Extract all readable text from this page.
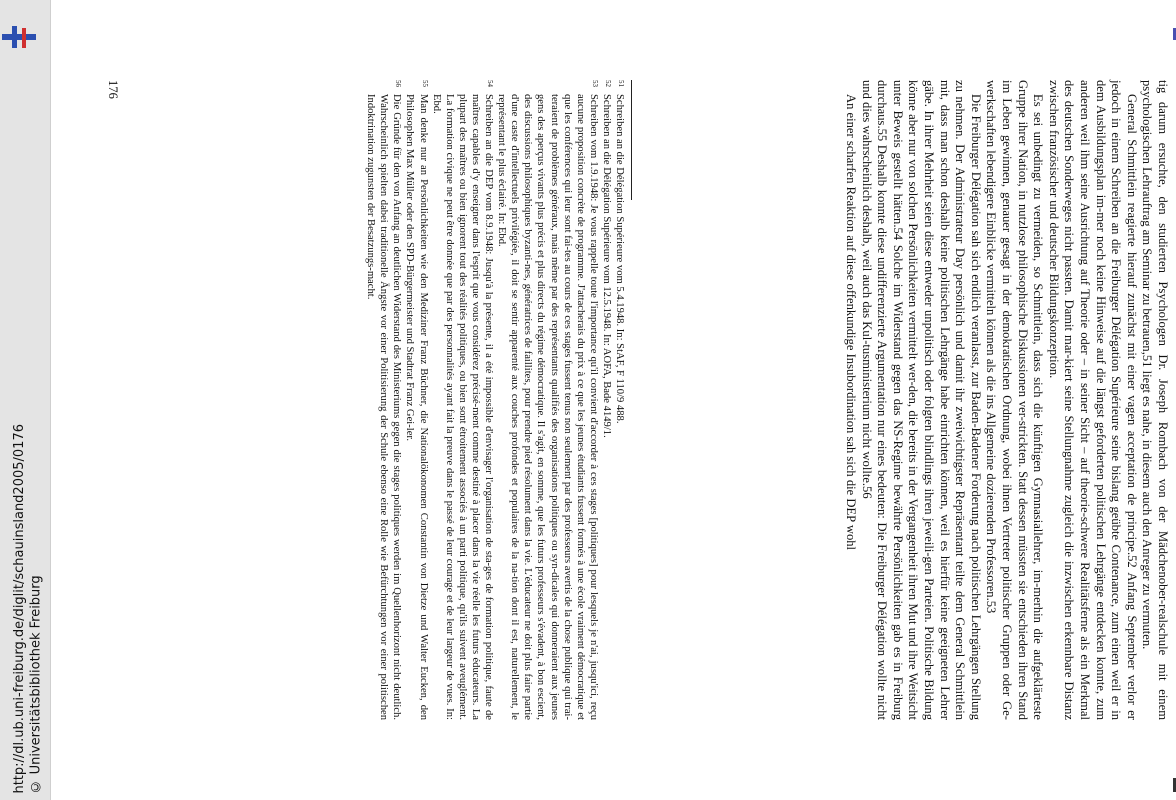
http://dl.ub.uni-freiburg.de/diglit/schauinsland2005/0176 © Universitätsbibliothek Freiburg	tig darum ersuchte, den studierten Psychologen Dr. Joseph Rombach von der Mädchenober-realschule mit einem psychologischen Lehrauftrag am Seminar zu betrauen,51 liegt es nahe, in diesem auch den Anreger zu vermuten.

General Schmittlein reagierte hierauf zunächst mit einer vagen acceptation de principe.52 Anfang September verlor er jedoch in einem Schreiben an die Freiburger Délégation Supérieure seine bislang geübte Contenance, zum einen weil er in dem Ausbildungsplan im-mer noch keine Hinweise auf die längst geforderten politischen Lehrgänge entdecken konnte, zum anderen weil ihm seine Ausrichtung auf Theorie oder – in seiner Sicht – auf theorie-schwere Realitätsferne als ein Merkmal des deutschen Sonderweges nicht passten. Damit mar-kiert seine Stellungnahme zugleich die inzwischen erkennbare Distanz zwischen französischer und deutscher Bildungskonzeption.

Es sei unbedingt zu vermeiden, so Schmittlein, dass sich die künftigen Gymnasiallehrer, im-merhin die aufgeklärteste Gruppe ihrer Nation, in nutzlose philosophische Diskussionen ver-strickten. Statt dessen müssten sie entschieden ihren Stand im Leben gewinnen, genauer gesagt in der demokratischen Ordnung, wobei ihnen Vertreter politischer Gruppen oder Ge-werkschaften lebendigere Einblicke vermitteln können als die ins Allgemeine dozierenden Professoren.53

Die Freiburger Délégation sah sich endlich veranlasst, zur Baden-Badener Forderung nach politischen Lehrgängen Stellung zu nehmen. Der Administrateur Day persönlich und damit ihr zweiwichtigster Repräsentant teilte dem General Schmittlein mit, dass man schon deshalb keine politischen Lehrgänge habe einrichten können, weil es hierfür keine geeigneten Lehrer gäbe. In ihrer Mehrheit seien diese entweder unpolitisch oder folgten blindlings ihren jeweili-gen Parteien. Politische Bildung könne aber nur von solchen Persönlichkeiten vermittelt wer-den, die bereits in der Vergangenheit ihren Mut und ihre Weitsicht unter Beweis gestellt hätten.54 Solche im Widerstand gegen das NS-Regime bewährte Persönlichkeiten gab es in Freiburg durchaus.55 Deshalb konnte diese undifferenzierte Argumentation nur eines bedeuten: Die Freiburger Délégation wollte nicht und dies wahrscheinlich deshalb, weil auch das Kul-tusministerium nicht wollte.56

An einer scharfen Reaktion auf diese offenkundige Insubordination sah sich die DEP wohl

51
Schreiben an die Délégation Supérieure vom 5.4.1948. In: StAF, F 110/9 488.
52
Schreiben an die Délégation Supérieure vom 12.5.1948. In: AOFA, Bade 4149/1.
53
Schreiben vom 1.9.1948: Je vous rappelle toute l'importance qu'il convient d'accorder à ces stages [politiques] pour lesquels je n'ai, jusqu'ici, reçu aucune proposition concrète de programme. J'attacherais du prix à ce que les jeunes étudiants fussent formés à une école vraiment démocratique et que les conférences qui leur sont fai-tes au cours de ces stages fussent tenus non seulement par des professeurs avertis de la chose publique qui trai-teraient de problèmes généraux, mais même par des représentants qualifiés des organisations politiques ou syn-dicales qui donneraient aux jeunes gens des aperçus vivants plus précis et plus directs du régime démocratique. Il s'agit, en somme, que les futurs professeurs s'évadent, à bon escient, des discussions philosophiques byzanti-nes, génératrices de faillites, pour prendre pied résolument dans la vie. L'éducateur ne doit plus faire partie d'une caste d'intellectuels privilégiée, il doit se sentir apparenté aux couches profondes et populaires de la na-tion dont il est, naturellement, le représentant le plus éclairé. In: Ebd.
54
Schreiben an die DEP vom 8.9.1948: Jusqu'à la présente, il a été impossible d'envisager l'organisation de sta-ges de formation politique, faute de maîtres capables d'y enseigner dans l'esprit que vous considérez précisé-ment comme destiné à placer dans la vie réelle les futurs éducateurs. La plupart des maîtres ou bien ignorent tout des réalités politiques, ou bien sont étroitement associés à un parti politique, qu'ils suivent aveuglément. La formation civique ne peut être donnée que par des personnalités ayant fait la preuve dans le passé de leur courage et de leur largeur de vues. In: Ebd.
55
Man denke nur an Persönlichkeiten wie den Mediziner Franz Büchner, die Nationalökonomen Constantin von Dietze und Walter Eucken, den Philosophen Max Müller oder den SPD-Bürgermeister und Stadtrat Franz Gei-ler.
56
Die Gründe für den von Anfang an deutlichen Widerstand des Ministeriums gegen die stages politiques werden im Quellenhorizont nicht deutlich. Wahrscheinlich spielten dabei traditionelle Ängste vor einer Politisierung der Schule ebenso eine Rolle wie Befürchtungen vor einer politischen Indoktrination zugunsten der Besatzungs-macht.
176
